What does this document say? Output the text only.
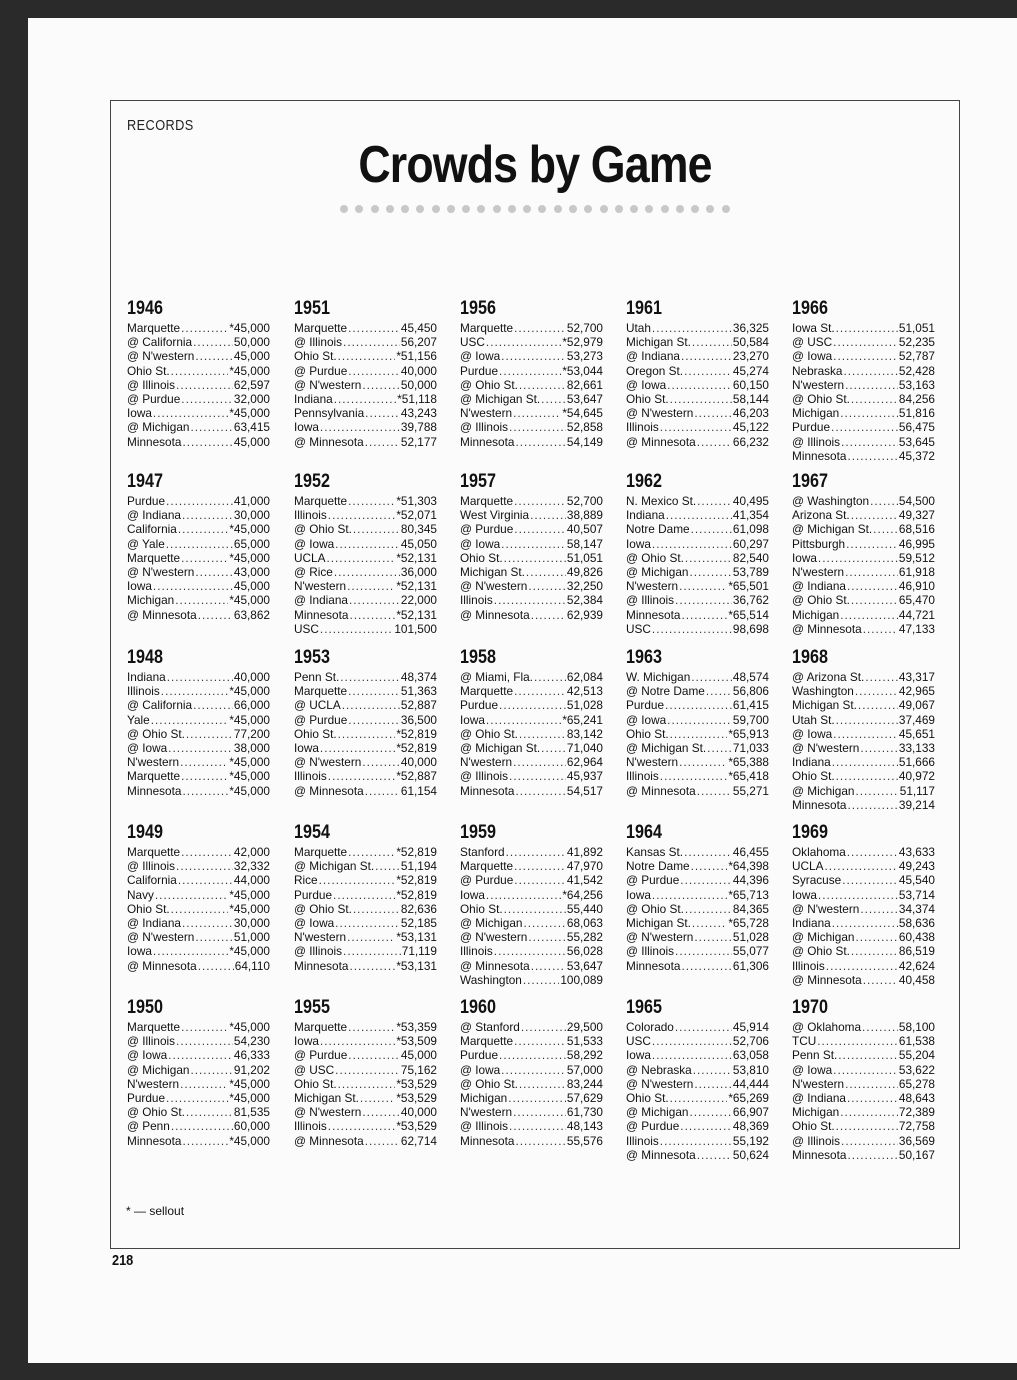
RECORDS
Crowds by Game
1946
Marquette .....	*45,000
@ California .....	50,000
@ N'western .....	45,000
Ohio St. .....	*45,000
@ Illinois .....	62,597
@ Purdue .....	32,000
Iowa .....	*45,000
@ Michigan .....	63,415
Minnesota .....	45,000
1947
Purdue .....	41,000
@ Indiana .....	30,000
California .....	*45,000
@ Yale .....	65,000
Marquette .....	*45,000
@ N'western .....	43,000
Iowa .....	45,000
Michigan .....	*45,000
@ Minnesota .....	63,862
1948
Indiana .....	40,000
Illinois .....	*45,000
@ California .....	66,000
Yale .....	*45,000
@ Ohio St. .....	77,200
@ Iowa .....	38,000
N'western .....	*45,000
Marquette .....	*45,000
Minnesota .....	*45,000
1949
Marquette .....	42,000
@ Illinois .....	32,332
California .....	44,000
Navy .....	*45,000
Ohio St. .....	*45,000
@ Indiana .....	30,000
@ N'western .....	51,000
Iowa .....	*45,000
@ Minnesota .....	64,110
1950
Marquette .....	*45,000
@ Illinois .....	54,230
@ Iowa .....	46,333
@ Michigan .....	91,202
N'western .....	*45,000
Purdue .....	*45,000
@ Ohio St. .....	81,535
@ Penn .....	60,000
Minnesota .....	*45,000
1951
Marquette .....	45,450
@ Illinois .....	56,207
Ohio St. .....	*51,156
@ Purdue .....	40,000
@ N'western .....	50,000
Indiana .....	*51,118
Pennsylvania .....	43,243
Iowa .....	39,788
@ Minnesota .....	52,177
1952
Marquette .....	*51,303
Illinois .....	*52,071
@ Ohio St. .....	80,345
@ Iowa .....	45,050
UCLA .....	*52,131
@ Rice .....	36,000
N'western .....	*52,131
@ Indiana .....	22,000
Minnesota .....	*52,131
USC .....	101,500
1953
Penn St. .....	48,374
Marquette .....	51,363
@ UCLA .....	52,887
@ Purdue .....	36,500
Ohio St. .....	*52,819
Iowa .....	*52,819
@ N'western .....	40,000
Illinois .....	*52,887
@ Minnesota .....	61,154
1954
Marquette .....	*52,819
@ Michigan St. ..... 51,194
Rice .....	*52,819
Purdue .....	*52,819
@ Ohio St. .....	82,636
@ Iowa .....	52,185
N'western .....	*53,131
@ Illinois .....	71,119
Minnesota .....	*53,131
1955
Marquette .....	*53,359
Iowa .....	*53,509
@ Purdue .....	45,000
@ USC .....	75,162
Ohio St. .....	*53,529
Michigan St. .....	*53,529
@ N'western .....	40,000
Illinois .....	*53,529
@ Minnesota .....	62,714
1956
Marquette .....	52,700
USC .....	*52,979
@ Iowa .....	53,273
Purdue .....	*53,044
@ Ohio St. .....	82,661
@ Michigan St. ..... 53,647
N'western .....	*54,645
@ Illinois .....	52,858
Minnesota .....	54,149
1957
Marquette .....	52,700
West Virginia .....	38,889
@ Purdue .....	40,507
@ Iowa .....	58,147
Ohio St. .....	51,051
Michigan St. .....	49,826
@ N'western .....	32,250
Illinois .....	52,384
@ Minnesota .....	62,939
1958
@ Miami, Fla. .....	62,084
Marquette .....	42,513
Purdue .....	51,028
Iowa .....	*65,241
@ Ohio St. .....	83,142
@ Michigan St. ..... 71,040
N'western .....	62,964
@ Illinois .....	45,937
Minnesota .....	54,517
1959
Stanford .....	41,892
Marquette .....	47,970
@ Purdue .....	41,542
Iowa .....	*64,256
Ohio St. .....	55,440
@ Michigan .....	68,063
@ N'western .....	55,282
Illinois .....	56,028
@ Minnesota .....	53,647
Washington .....	100,089
1960
@ Stanford .....	29,500
Marquette .....	51,533
Purdue .....	58,292
@ Iowa .....	57,000
@ Ohio St. .....	83,244
Michigan .....	57,629
N'western .....	61,730
@ Illinois .....	48,143
Minnesota .....	55,576
1961
Utah .....	36,325
Michigan St. .....	50,584
@ Indiana .....	23,270
Oregon St. .....	45,274
@ Iowa .....	60,150
Ohio St. .....	58,144
@ N'western .....	46,203
Illinois .....	45,122
@ Minnesota .....	66,232
1962
N. Mexico St. .....	40,495
Indiana .....	41,354
Notre Dame .....	61,098
Iowa .....	60,297
@ Ohio St. .....	82,540
@ Michigan .....	53,789
N'western .....	*65,501
@ Illinois .....	36,762
Minnesota .....	*65,514
USC .....	98,698
1963
W. Michigan .....	48,574
@ Notre Dame ..... 56,806
Purdue .....	61,415
@ Iowa .....	59,700
Ohio St. .....	*65,913
@ Michigan St. ..... 71,033
N'western .....	*65,388
Illinois .....	*65,418
@ Minnesota .....	55,271
1964
Kansas St. .....	46,455
Notre Dame .....	*64,398
@ Purdue .....	44,396
Iowa .....	*65,713
@ Ohio St. .....	84,365
Michigan St. .....	*65,728
@ N'western .....	51,028
@ Illinois .....	55,077
Minnesota .....	61,306
1965
Colorado .....	45,914
USC .....	52,706
Iowa .....	63,058
@ Nebraska .....	53,810
@ N'western .....	44,444
Ohio St. .....	*65,269
@ Michigan .....	66,907
@ Purdue .....	48,369
Illinois .....	55,192
@ Minnesota .....	50,624
1966
Iowa St. .....	51,051
@ USC .....	52,235
@ Iowa .....	52,787
Nebraska .....	52,428
N'western .....	53,163
@ Ohio St. .....	84,256
Michigan .....	51,816
Purdue .....	56,475
@ Illinois .....	53,645
Minnesota .....	45,372
1967
@ Washington .....	54,500
Arizona St. .....	49,327
@ Michigan St. ..... 68,516
Pittsburgh .....	46,995
Iowa .....	59,512
N'western .....	61,918
@ Indiana .....	46,910
@ Ohio St. .....	65,470
Michigan .....	44,721
@ Minnesota .....	47,133
1968
@ Arizona St. .....	43,317
Washington .....	42,965
Michigan St. .....	49,067
Utah St. .....	37,469
@ Iowa .....	45,651
@ N'western .....	33,133
Indiana .....	51,666
Ohio St. .....	40,972
@ Michigan .....	51,117
Minnesota .....	39,214
1969
Oklahoma .....	43,633
UCLA .....	49,243
Syracuse .....	45,540
Iowa .....	53,714
@ N'western .....	34,374
Indiana .....	58,636
@ Michigan .....	60,438
@ Ohio St. .....	86,519
Illinois .....	42,624
@ Minnesota .....	40,458
1970
@ Oklahoma .....	58,100
TCU .....	61,538
Penn St. .....	55,204
@ Iowa .....	53,622
N'western .....	65,278
@ Indiana .....	48,643
Michigan .....	72,389
Ohio St. .....	72,758
@ Illinois .....	36,569
Minnesota .....	50,167
* — sellout
218
